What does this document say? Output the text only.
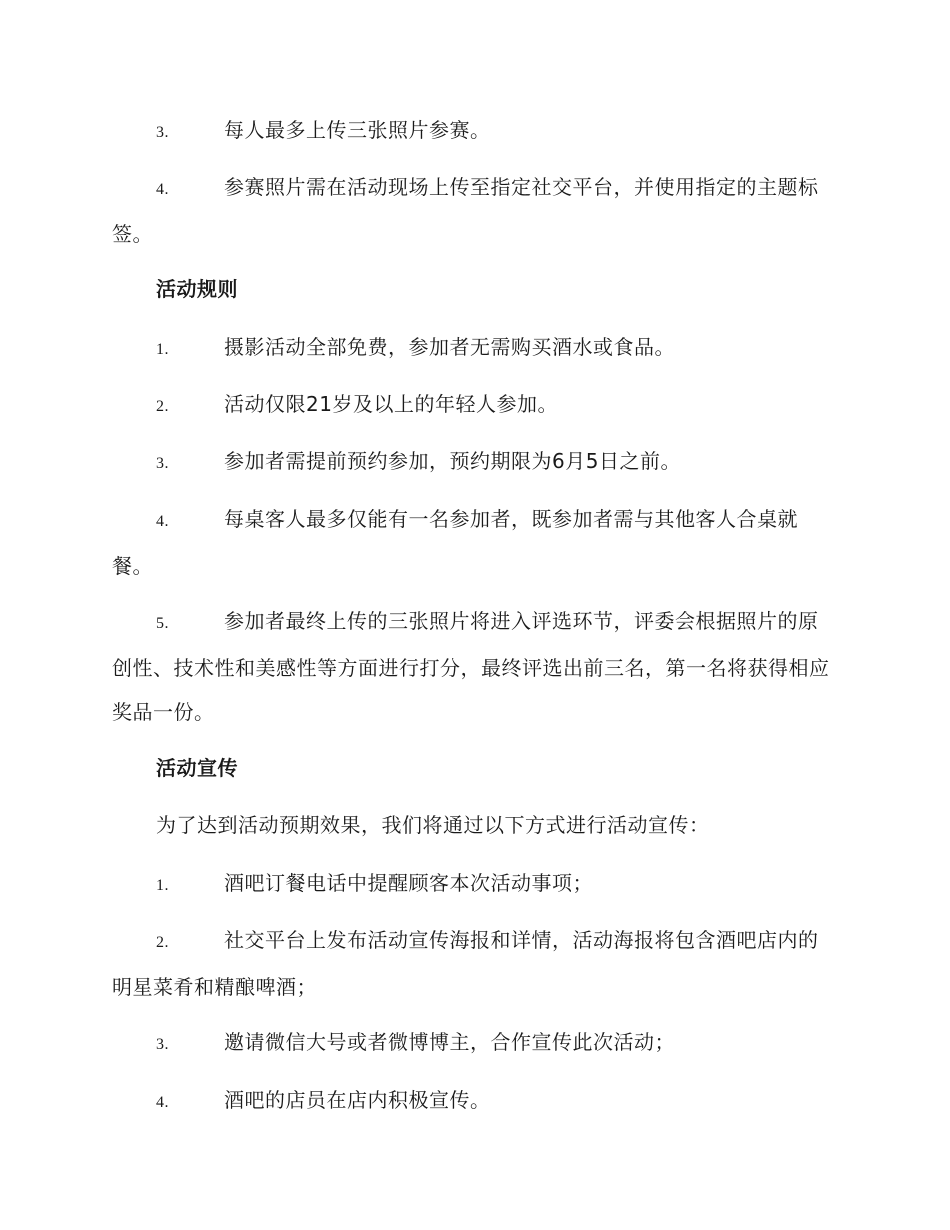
3.	每人最多上传三张照片参赛。
4.	参赛照片需在活动现场上传至指定社交平台，并使用指定的主题标签。
活动规则
1.	摄影活动全部免费，参加者无需购买酒水或食品。
2.	活动仅限21岁及以上的年轻人参加。
3.	参加者需提前预约参加，预约期限为6月5日之前。
4.	每桌客人最多仅能有一名参加者，既参加者需与其他客人合桌就餐。
5.	参加者最终上传的三张照片将进入评选环节，评委会根据照片的原创性、技术性和美感性等方面进行打分，最终评选出前三名，第一名将获得相应奖品一份。
活动宣传
为了达到活动预期效果，我们将通过以下方式进行活动宣传：
1.	酒吧订餐电话中提醒顾客本次活动事项；
2.	社交平台上发布活动宣传海报和详情，活动海报将包含酒吧店内的明星菜肴和精酿啤酒；
3.	邀请微信大号或者微博博主，合作宣传此次活动；
4.	酒吧的店员在店内积极宣传。
